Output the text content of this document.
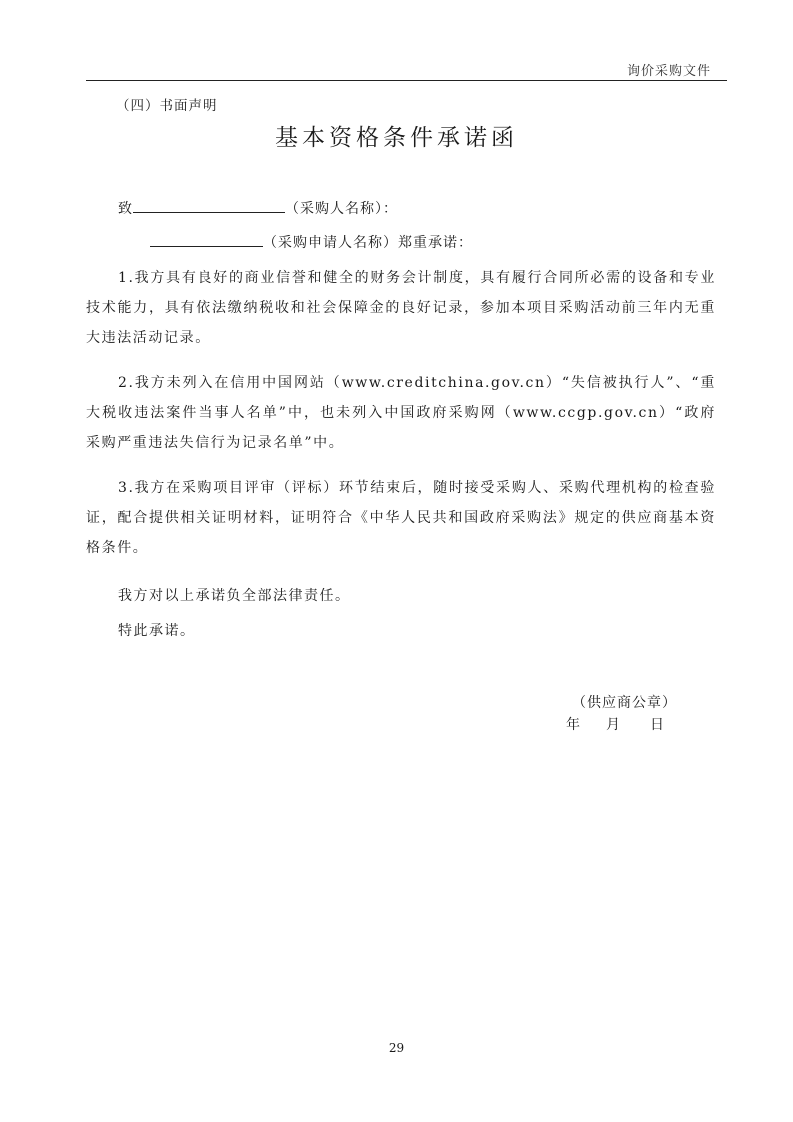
询价采购文件
（四）书面声明
基本资格条件承诺函
致	（采购人名称）：
（采购申请人名称）郑重承诺：
1.我方具有良好的商业信誉和健全的财务会计制度，具有履行合同所必需的设备和专业技术能力，具有依法缴纳税收和社会保障金的良好记录，参加本项目采购活动前三年内无重大违法活动记录。
2.我方未列入在信用中国网站（www.creditchina.gov.cn）“失信被执行人”、“重大税收违法案件当事人名单”中，也未列入中国政府采购网（www.ccgp.gov.cn）“政府采购严重违法失信行为记录名单”中。
3.我方在采购项目评审（评标）环节结束后，随时接受采购人、采购代理机构的检查验证，配合提供相关证明材料，证明符合《中华人民共和国政府采购法》规定的供应商基本资格条件。
我方对以上承诺负全部法律责任。
特此承诺。
（供应商公章）
年 月 日
29
